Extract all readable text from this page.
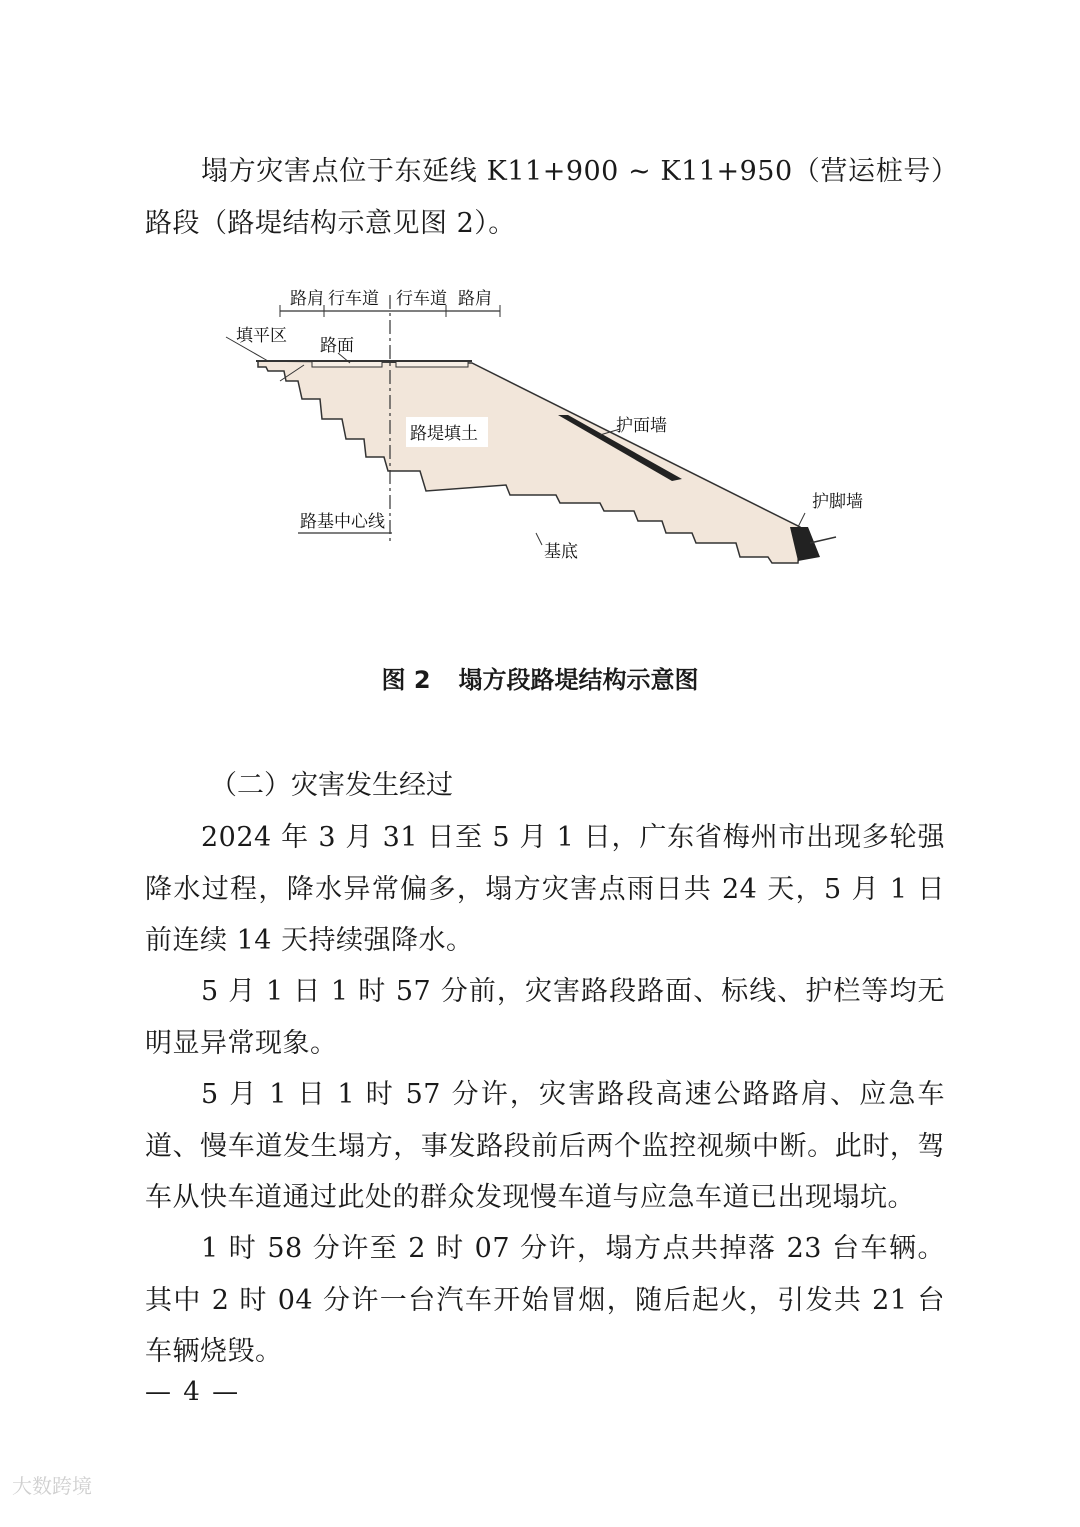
塌方灾害点位于东延线 K11+900 ~ K11+950（营运桩号）路段（路堤结构示意见图 2）。

路肩 行车道 行车道 路肩
填平区 路面
路堤填土	护面墙
护脚墙
路基中心线
基底
图 2 塌方段路堤结构示意图

（二）灾害发生经过

2024 年 3 月 31 日至 5 月 1 日，广东省梅州市出现多轮强降水过程，降水异常偏多，塌方灾害点雨日共 24 天，5 月 1 日前连续 14 天持续强降水。

5 月 1 日 1 时 57 分前，灾害路段路面、标线、护栏等均无明显异常现象。

5 月 1 日 1 时 57 分许，灾害路段高速公路路肩、应急车道、慢车道发生塌方，事发路段前后两个监控视频中断。此时，驾车从快车道通过此处的群众发现慢车道与应急车道已出现塌坑。

1 时 58 分许至 2 时 07 分许，塌方点共掉落 23 台车辆。其中 2 时 04 分许一台汽车开始冒烟，随后起火，引发共 21 台车辆烧毁。

— 4 —
大数跨境
